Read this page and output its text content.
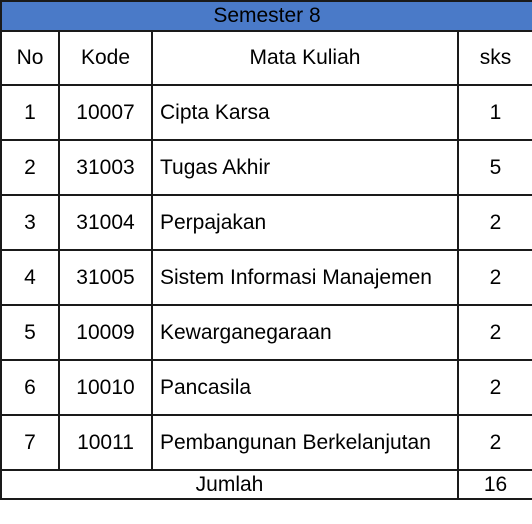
Semester 8			
No	Kode	Mata Kuliah	sks
1	10007	Cipta Karsa	1
2	31003	Tugas Akhir	5
3	31004	Perpajakan	2
4	31005	Sistem Informasi Manajemen	2
5	10009	Kewarganegaraan	2
6	10010	Pancasila	2
7	10011	Pembangunan Berkelanjutan	2
Jumlah			16
